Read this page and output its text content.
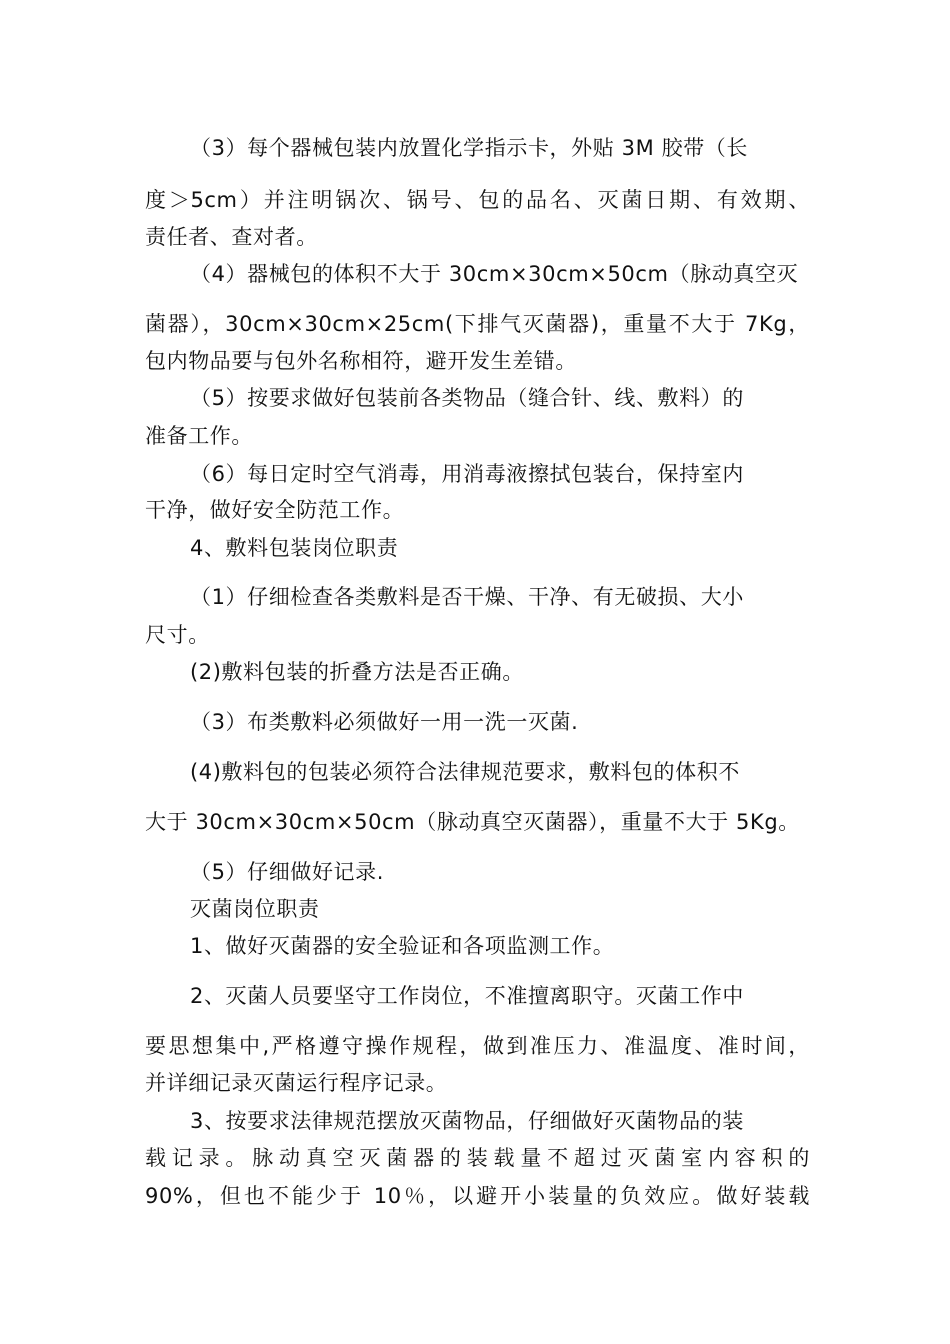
（3）每个器械包装内放置化学指示卡，外贴 3M 胶带（长
度＞5cm）并注明锅次、锅号、包的品名、灭菌日期、有效期、
责任者、查对者。
（4）器械包的体积不大于 30cm×30cm×50cm（脉动真空灭
菌器），30cm×30cm×25cm(下排气灭菌器)，重量不大于 7Kg，
包内物品要与包外名称相符，避开发生差错。
（5）按要求做好包装前各类物品（缝合针、线、敷料）的
准备工作。
（6）每日定时空气消毒，用消毒液擦拭包装台，保持室内
干净，做好安全防范工作。
4、敷料包装岗位职责
（1）仔细检查各类敷料是否干燥、干净、有无破损、大小
尺寸。
(2)敷料包装的折叠方法是否正确。
（3）布类敷料必须做好一用一洗一灭菌.
(4)敷料包的包装必须符合法律规范要求，敷料包的体积不
大于 30cm×30cm×50cm（脉动真空灭菌器），重量不大于 5Kg。
（5）仔细做好记录.
灭菌岗位职责
1、做好灭菌器的安全验证和各项监测工作。
2、灭菌人员要坚守工作岗位，不准擅离职守。灭菌工作中
要思想集中,严格遵守操作规程，做到准压力、准温度、准时间，
并详细记录灭菌运行程序记录。
3、按要求法律规范摆放灭菌物品，仔细做好灭菌物品的装
载记录。脉动真空灭菌器的装载量不超过灭菌室内容积的
90%，但也不能少于 10％，以避开小装量的负效应。做好装载
